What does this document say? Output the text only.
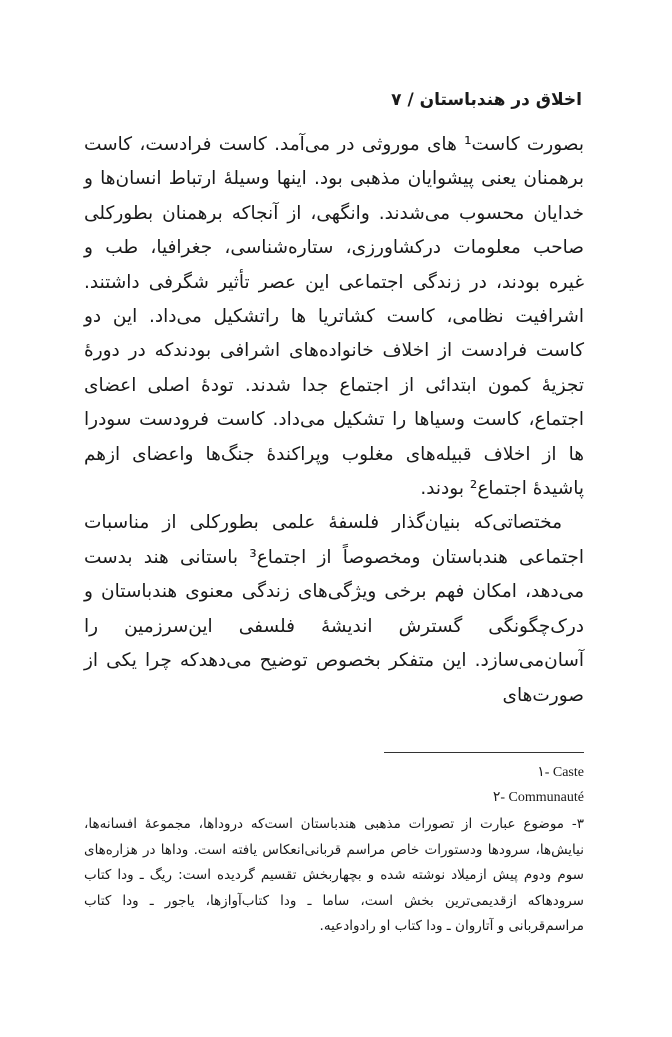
اخلاق در هندباستان / ۷

بصورت کاست¹ های موروثی در می‌آمد. کاست فرادست، کاست برهمنان یعنی پیشوایان مذهبی بود. اینها وسیلهٔ ارتباط انسان‌ها و خدایان محسوب می‌شدند. وانگهی، از آنجاکه برهمنان بطورکلی صاحب معلومات درکشاورزی، ستاره‌شناسی، جغرافیا، طب و غیره بودند، در زندگی اجتماعی این عصر تأثیر شگرفی داشتند. اشرافیت نظامی، کاست کشاتریا ها راتشکیل می‌داد. این دو کاست فرادست از اخلاف خانواده‌های اشرافی بودندکه در دورهٔ تجزیهٔ کمون ابتدائی از اجتماع جدا شدند. تودهٔ اصلی اعضای اجتماع، کاست وسیاها را تشکیل می‌داد. کاست فرودست سودرا ها از اخلاف قبیله‌های مغلوب وپراکندهٔ جنگ‌ها واعضای ازهم پاشیدهٔ اجتماع² بودند.

مختصاتی‌که بنیان‌گذار فلسفهٔ علمی بطورکلی از مناسبات اجتماعی هندباستان ومخصوصاً از اجتماع³ باستانی هند بدست می‌دهد، امکان فهم برخی ویژگی‌های زندگی معنوی هندباستان و درک‌چگونگی گسترش اندیشهٔ فلسفی این‌سرزمین را آسان‌می‌سازد. این متفکر بخصوص توضیح می‌دهدکه چرا یکی از صورت‌های

۱- Caste
۲- Communauté

۳- موضوع عبارت از تصورات مذهبی هندباستان است‌که درو‌داها، مجموعهٔ افسانه‌ها، نیایش‌ها، سرودها ودستورات خاص مراسم قربانی‌انعکاس یافته است. وداها در هزاره‌های سوم ودوم پیش ازمیلاد نوشته شده و بچهاربخش تقسیم گردیده است: ریگ ـ ودا کتاب سرودهاکه ازقدیمی‌ترین بخش است، ساما ـ ودا کتاب‌آوازها، یاجور ـ ودا کتاب مراسم‌قربانی و آتاروان ـ ودا کتاب او رادوادعیه.
